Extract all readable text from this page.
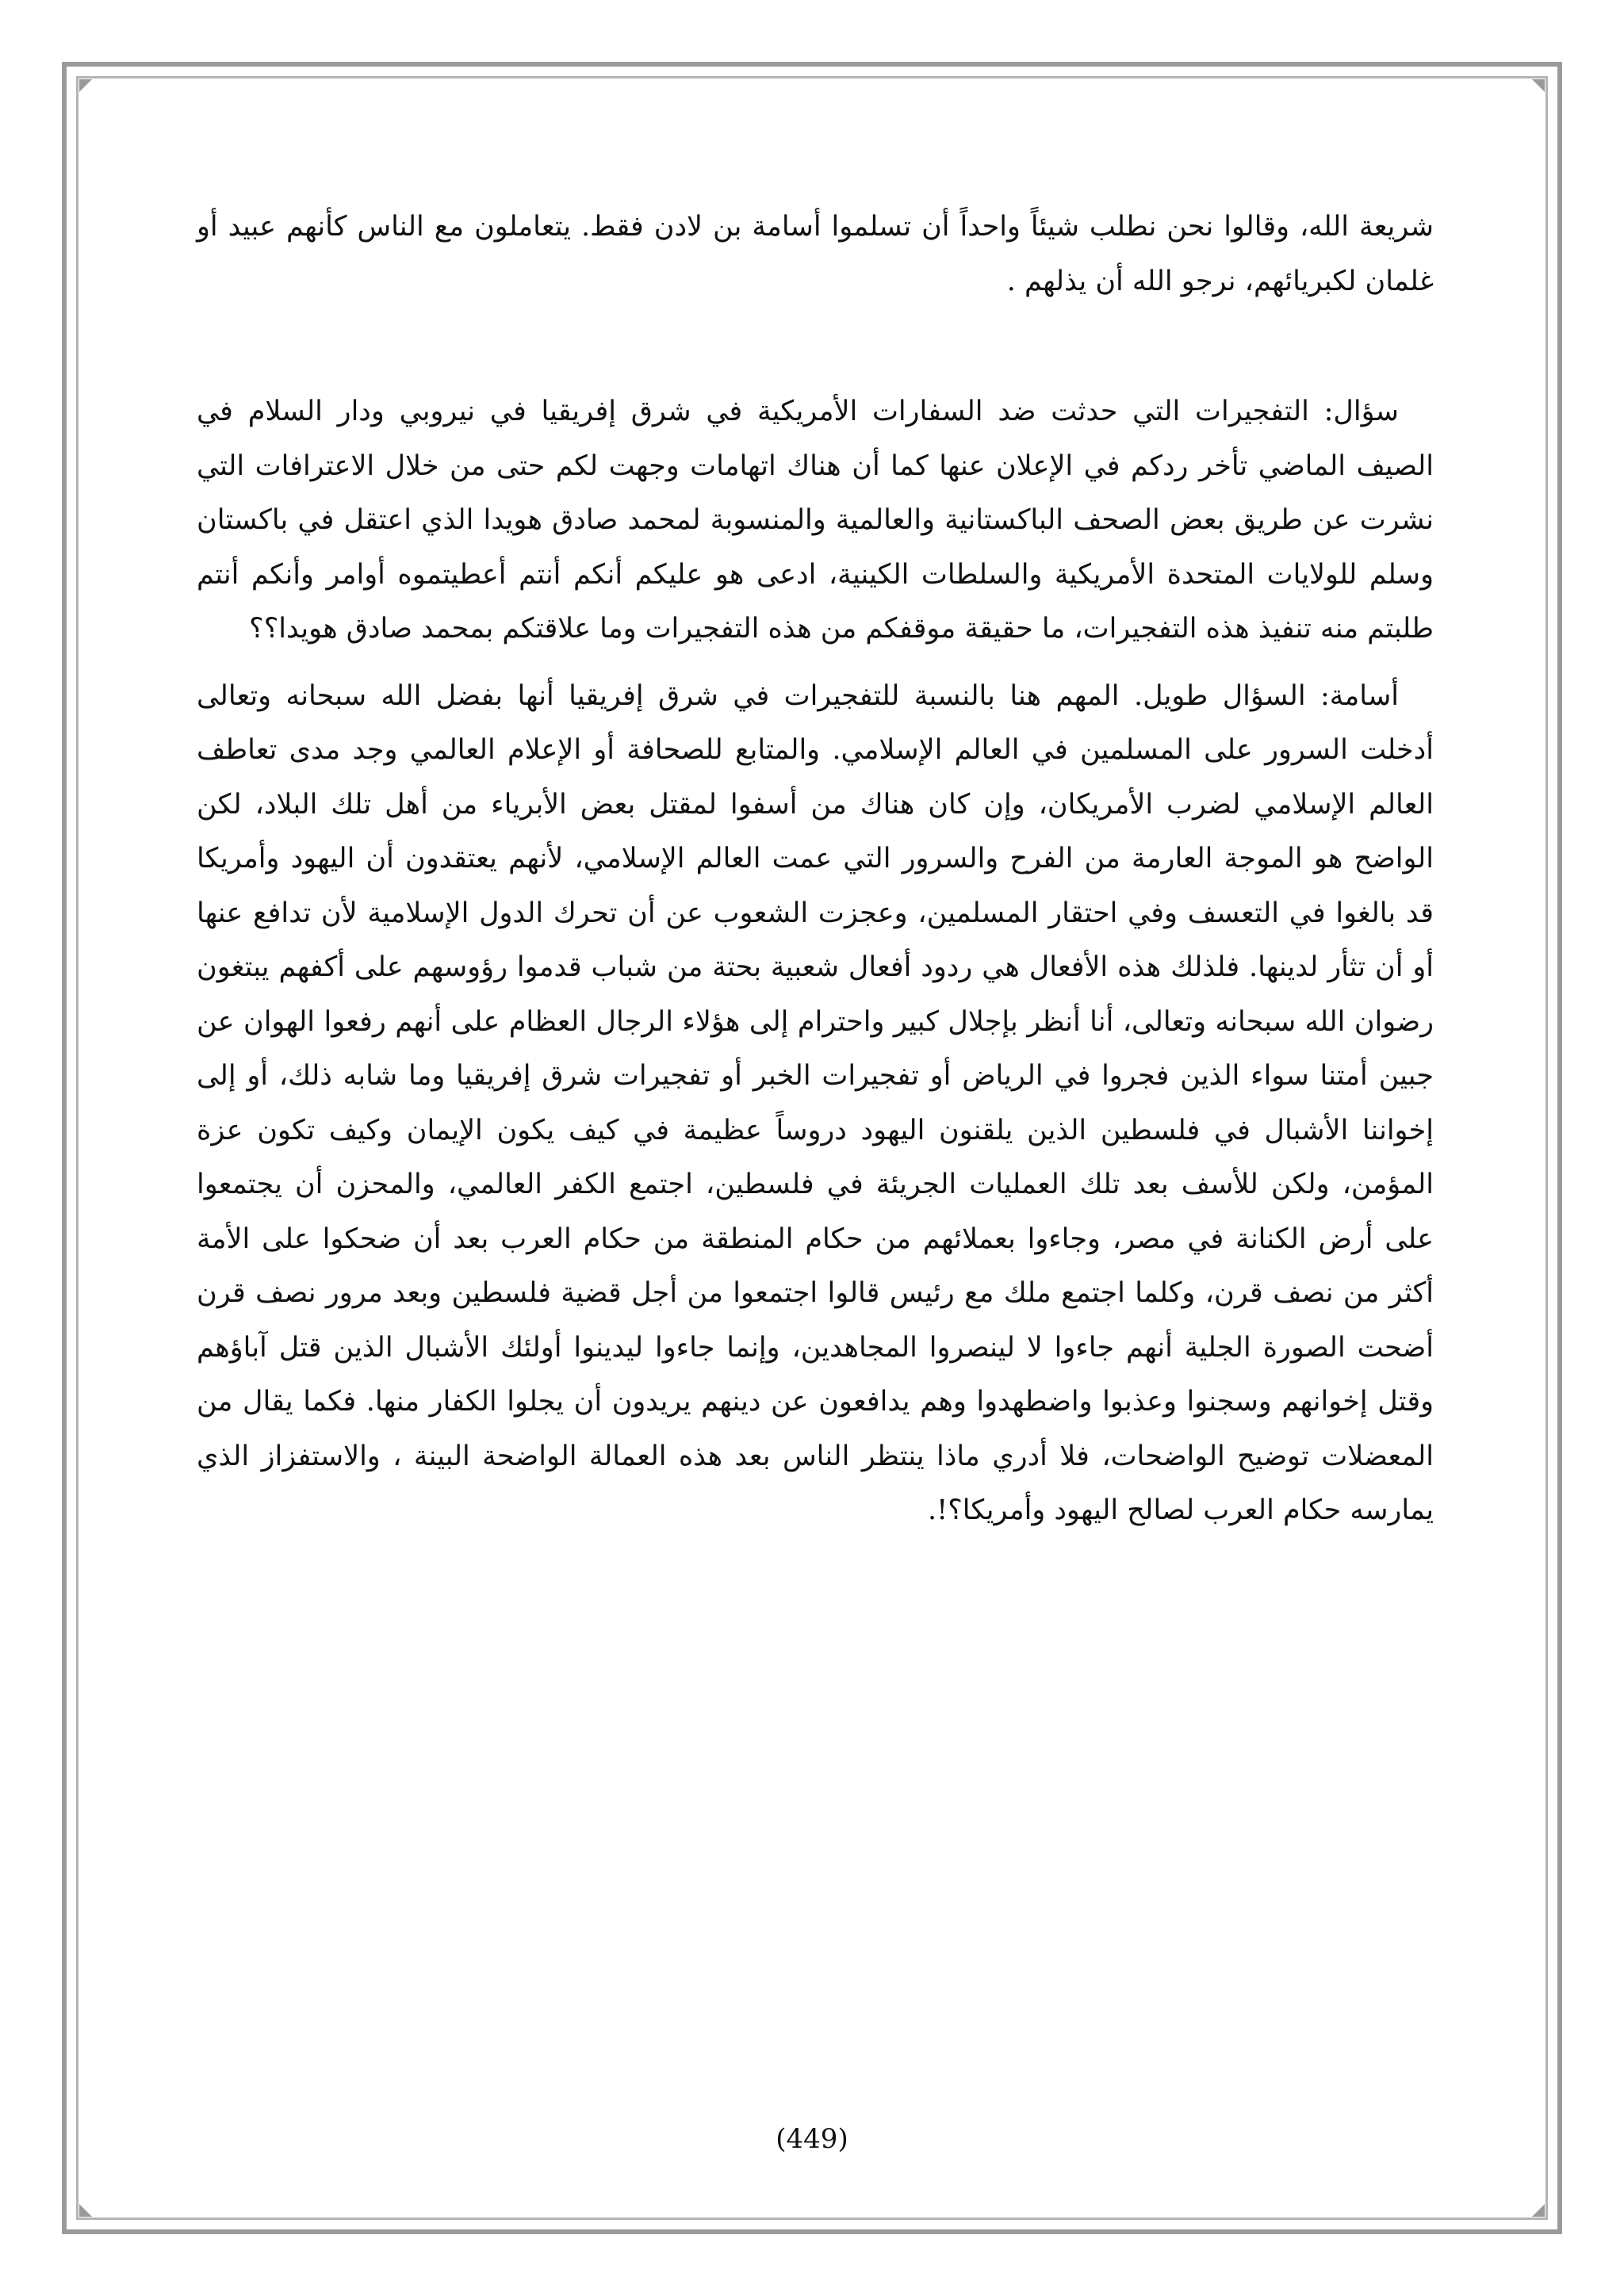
شريعة الله، وقالوا نحن نطلب شيئاً واحداً أن تسلموا أسامة بن لادن فقط. يتعاملون مع الناس كأنهم عبيد أو غلمان لكبريائهم، نرجو الله أن يذلهم .

سؤال: التفجيرات التي حدثت ضد السفارات الأمريكية في شرق إفريقيا في نيروبي ودار السلام في الصيف الماضي تأخر ردكم في الإعلان عنها كما أن هناك اتهامات وجهت لكم حتى من خلال الاعترافات التي نشرت عن طريق بعض الصحف الباكستانية والعالمية والمنسوبة لمحمد صادق هويدا الذي اعتقل في باكستان وسلم للولايات المتحدة الأمريكية والسلطات الكينية، ادعى هو عليكم أنكم أنتم أعطيتموه أوامر وأنكم أنتم طلبتم منه تنفيذ هذه التفجيرات، ما حقيقة موقفكم من هذه التفجيرات وما علاقتكم بمحمد صادق هويدا؟؟

أسامة: السؤال طويل. المهم هنا بالنسبة للتفجيرات في شرق إفريقيا أنها بفضل الله سبحانه وتعالى أدخلت السرور على المسلمين في العالم الإسلامي. والمتابع للصحافة أو الإعلام العالمي وجد مدى تعاطف العالم الإسلامي لضرب الأمريكان، وإن كان هناك من أسفوا لمقتل بعض الأبرياء من أهل تلك البلاد، لكن الواضح هو الموجة العارمة من الفرح والسرور التي عمت العالم الإسلامي، لأنهم يعتقدون أن اليهود وأمريكا قد بالغوا في التعسف وفي احتقار المسلمين، وعجزت الشعوب عن أن تحرك الدول الإسلامية لأن تدافع عنها أو أن تثأر لدينها. فلذلك هذه الأفعال هي ردود أفعال شعبية بحتة من شباب قدموا رؤوسهم على أكفهم يبتغون رضوان الله سبحانه وتعالى، أنا أنظر بإجلال كبير واحترام إلى هؤلاء الرجال العظام على أنهم رفعوا الهوان عن جبين أمتنا سواء الذين فجروا في الرياض أو تفجيرات الخبر أو تفجيرات شرق إفريقيا وما شابه ذلك، أو إلى إخواننا الأشبال في فلسطين الذين يلقنون اليهود دروساً عظيمة في كيف يكون الإيمان وكيف تكون عزة المؤمن، ولكن للأسف بعد تلك العمليات الجريئة في فلسطين، اجتمع الكفر العالمي، والمحزن أن يجتمعوا على أرض الكنانة في مصر، وجاءوا بعملائهم من حكام المنطقة من حكام العرب بعد أن ضحكوا على الأمة أكثر من نصف قرن، وكلما اجتمع ملك مع رئيس قالوا اجتمعوا من أجل قضية فلسطين وبعد مرور نصف قرن أضحت الصورة الجلية أنهم جاءوا لا لينصروا المجاهدين، وإنما جاءوا ليدينوا أولئك الأشبال الذين قتل آباؤهم وقتل إخوانهم وسجنوا وعذبوا واضطهدوا وهم يدافعون عن دينهم يريدون أن يجلوا الكفار منها. فكما يقال من المعضلات توضيح الواضحات، فلا أدري ماذا ينتظر الناس بعد هذه العمالة الواضحة البينة ، والاستفزاز الذي يمارسه حكام العرب لصالح اليهود وأمريكا؟!.

(449)
